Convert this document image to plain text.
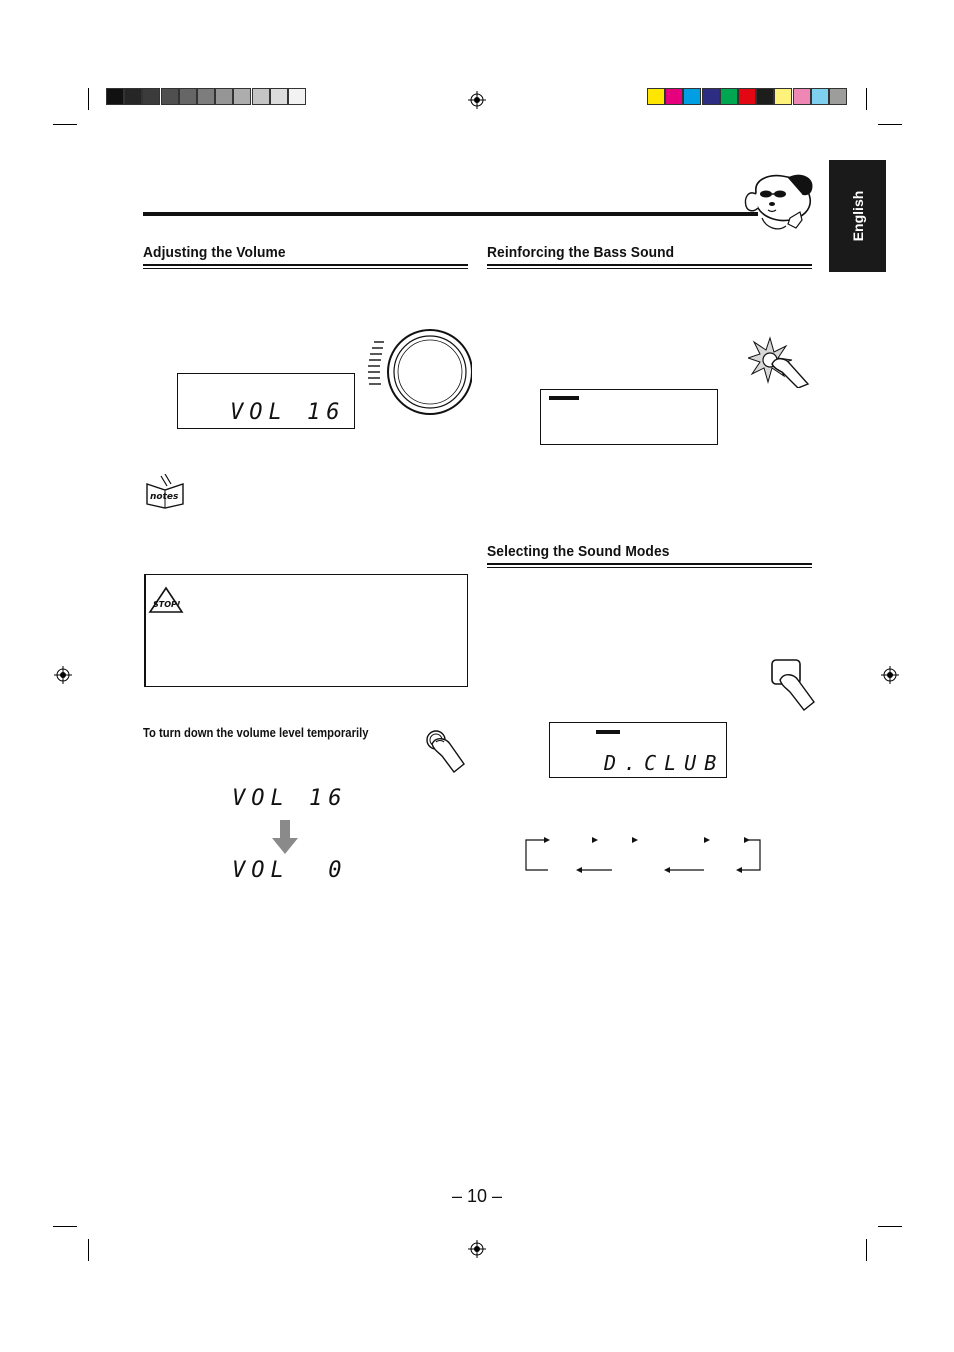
English
Adjusting the Volume
VOL 16
notes
STOP!
To turn down the volume level temporarily
VOL 16
VOL  0
Reinforcing the Bass Sound
Selecting the Sound Modes
D.CLUB
– 10 –
